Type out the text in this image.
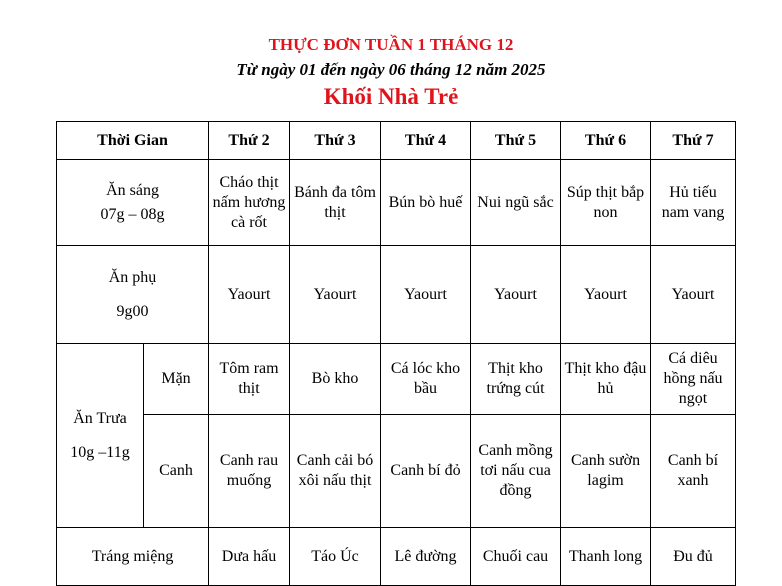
THỰC ĐƠN TUẦN 1 THÁNG 12
Từ ngày 01 đến ngày 06 tháng 12 năm 2025
Khối Nhà Trẻ
Thời Gian		Thứ 2	Thứ 3	Thứ 4	Thứ 5	Thứ 6	Thứ 7

Ăn sáng
07g – 08g		Cháo thịt nấm hương cà rốt	Bánh đa tôm thịt	Bún bò huế	Nui ngũ sắc	Súp thịt bắp non	Hủ tiếu nam vang

Ăn phụ
9g00		Yaourt	Yaourt	Yaourt	Yaourt	Yaourt	Yaourt

Ăn Trưa
10g –11g	Mặn	Tôm ram thịt	Bò kho	Cá lóc kho bầu	Thịt kho trứng cút	Thịt kho đậu hủ	Cá diêu hồng nấu ngọt
	Canh	Canh rau muống	Canh cải bó xôi nấu thịt	Canh bí đỏ	Canh mồng tơi nấu cua đồng	Canh sườn lagim	Canh bí xanh
Tráng miệng		Dưa hấu	Táo Úc	Lê đường	Chuối cau	Thanh long	Đu đủ
